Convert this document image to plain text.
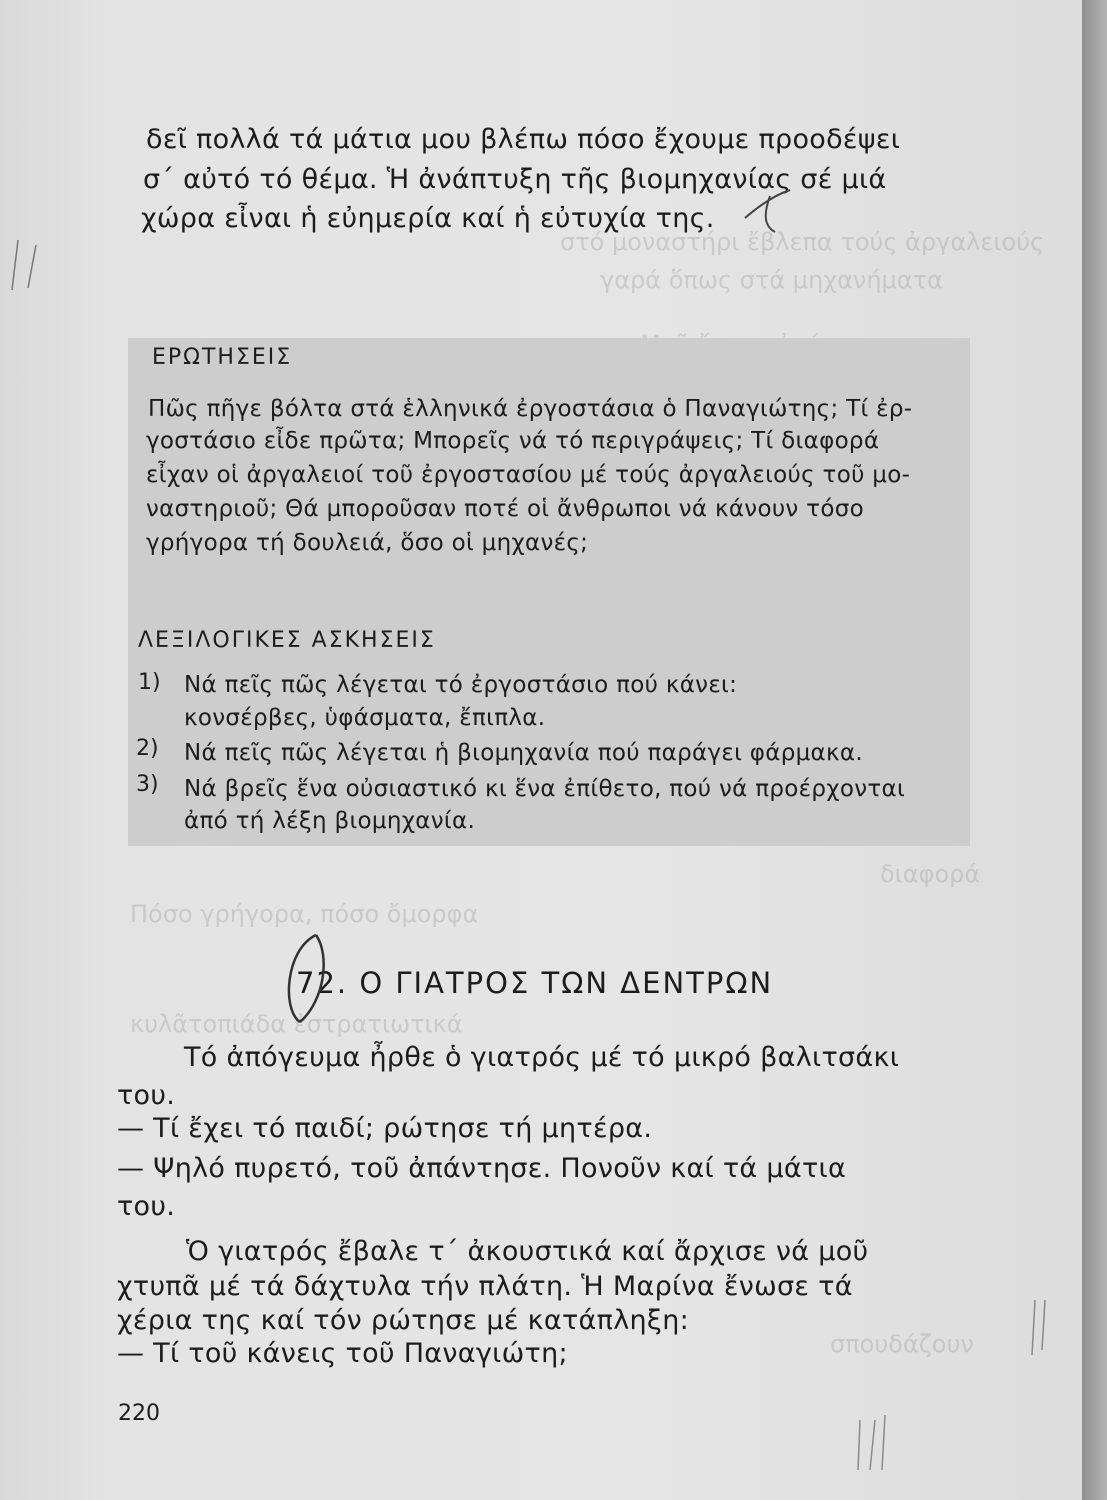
στό μοναστήρι ἔβλεπα τούς ἀργαλειούς
γαρά ὅπως στά μηχανήματα
διαφορά
Πόσο γρήγορα, πόσο ὄμορφα
κυλᾶτοπιάδα ἐστρατιωτικά
σπουδάζουν
δεῖ πολλά τά μάτια μου βλέπω πόσο ἔχουμε προοδέψει
σ΄ αὐτό τό θέμα. Ἡ ἀνάπτυξη τῆς βιομηχανίας σέ μιά
χώρα εἶναι ἡ εὐημερία καί ἡ εὐτυχία της.
ΕΡΩΤΗΣΕΙΣ
Πῶς πῆγε βόλτα στά ἑλληνικά ἐργοστάσια ὁ Παναγιώτης; Τί ἐρ-
γοστάσιο εἶδε πρῶτα; Μπορεῖς νά τό περιγράψεις; Τί διαφορά
εἶχαν οἱ ἀργαλειοί τοῦ ἐργοστασίου μέ τούς ἀργαλειούς τοῦ μο-
ναστηριοῦ; Θά μποροῦσαν ποτέ οἱ ἄνθρωποι νά κάνουν τόσο
γρήγορα τή δουλειά, ὅσο οἱ μηχανές;
ΛΕΞΙΛΟΓΙΚΕΣ ΑΣΚΗΣΕΙΣ
1) Νά πεῖς πῶς λέγεται τό ἐργοστάσιο πού κάνει:
κονσέρβες, ὑφάσματα, ἔπιπλα.
2) Νά πεῖς πῶς λέγεται ἡ βιομηχανία πού παράγει φάρμακα.
3) Νά βρεῖς ἕνα οὐσιαστικό κι ἕνα ἐπίθετο, πού νά προέρχονται
ἀπό τή λέξη βιομηχανία.
72. Ο ΓΙΑΤΡΟΣ ΤΩΝ ΔΕΝΤΡΩΝ
Τό ἀπόγευμα ἦρθε ὁ γιατρός μέ τό μικρό βαλιτσάκι
του.
— Τί ἔχει τό παιδί; ρώτησε τή μητέρα.
— Ψηλό πυρετό, τοῦ ἀπάντησε. Πονοῦν καί τά μάτια
του.
Ὁ γιατρός ἔβαλε τ΄ ἀκουστικά καί ἄρχισε νά μοῦ
χτυπᾶ μέ τά δάχτυλα τήν πλάτη. Ἡ Μαρίνα ἔνωσε τά
χέρια της καί τόν ρώτησε μέ κατάπληξη:
— Τί τοῦ κάνεις τοῦ Παναγιώτη;
220
